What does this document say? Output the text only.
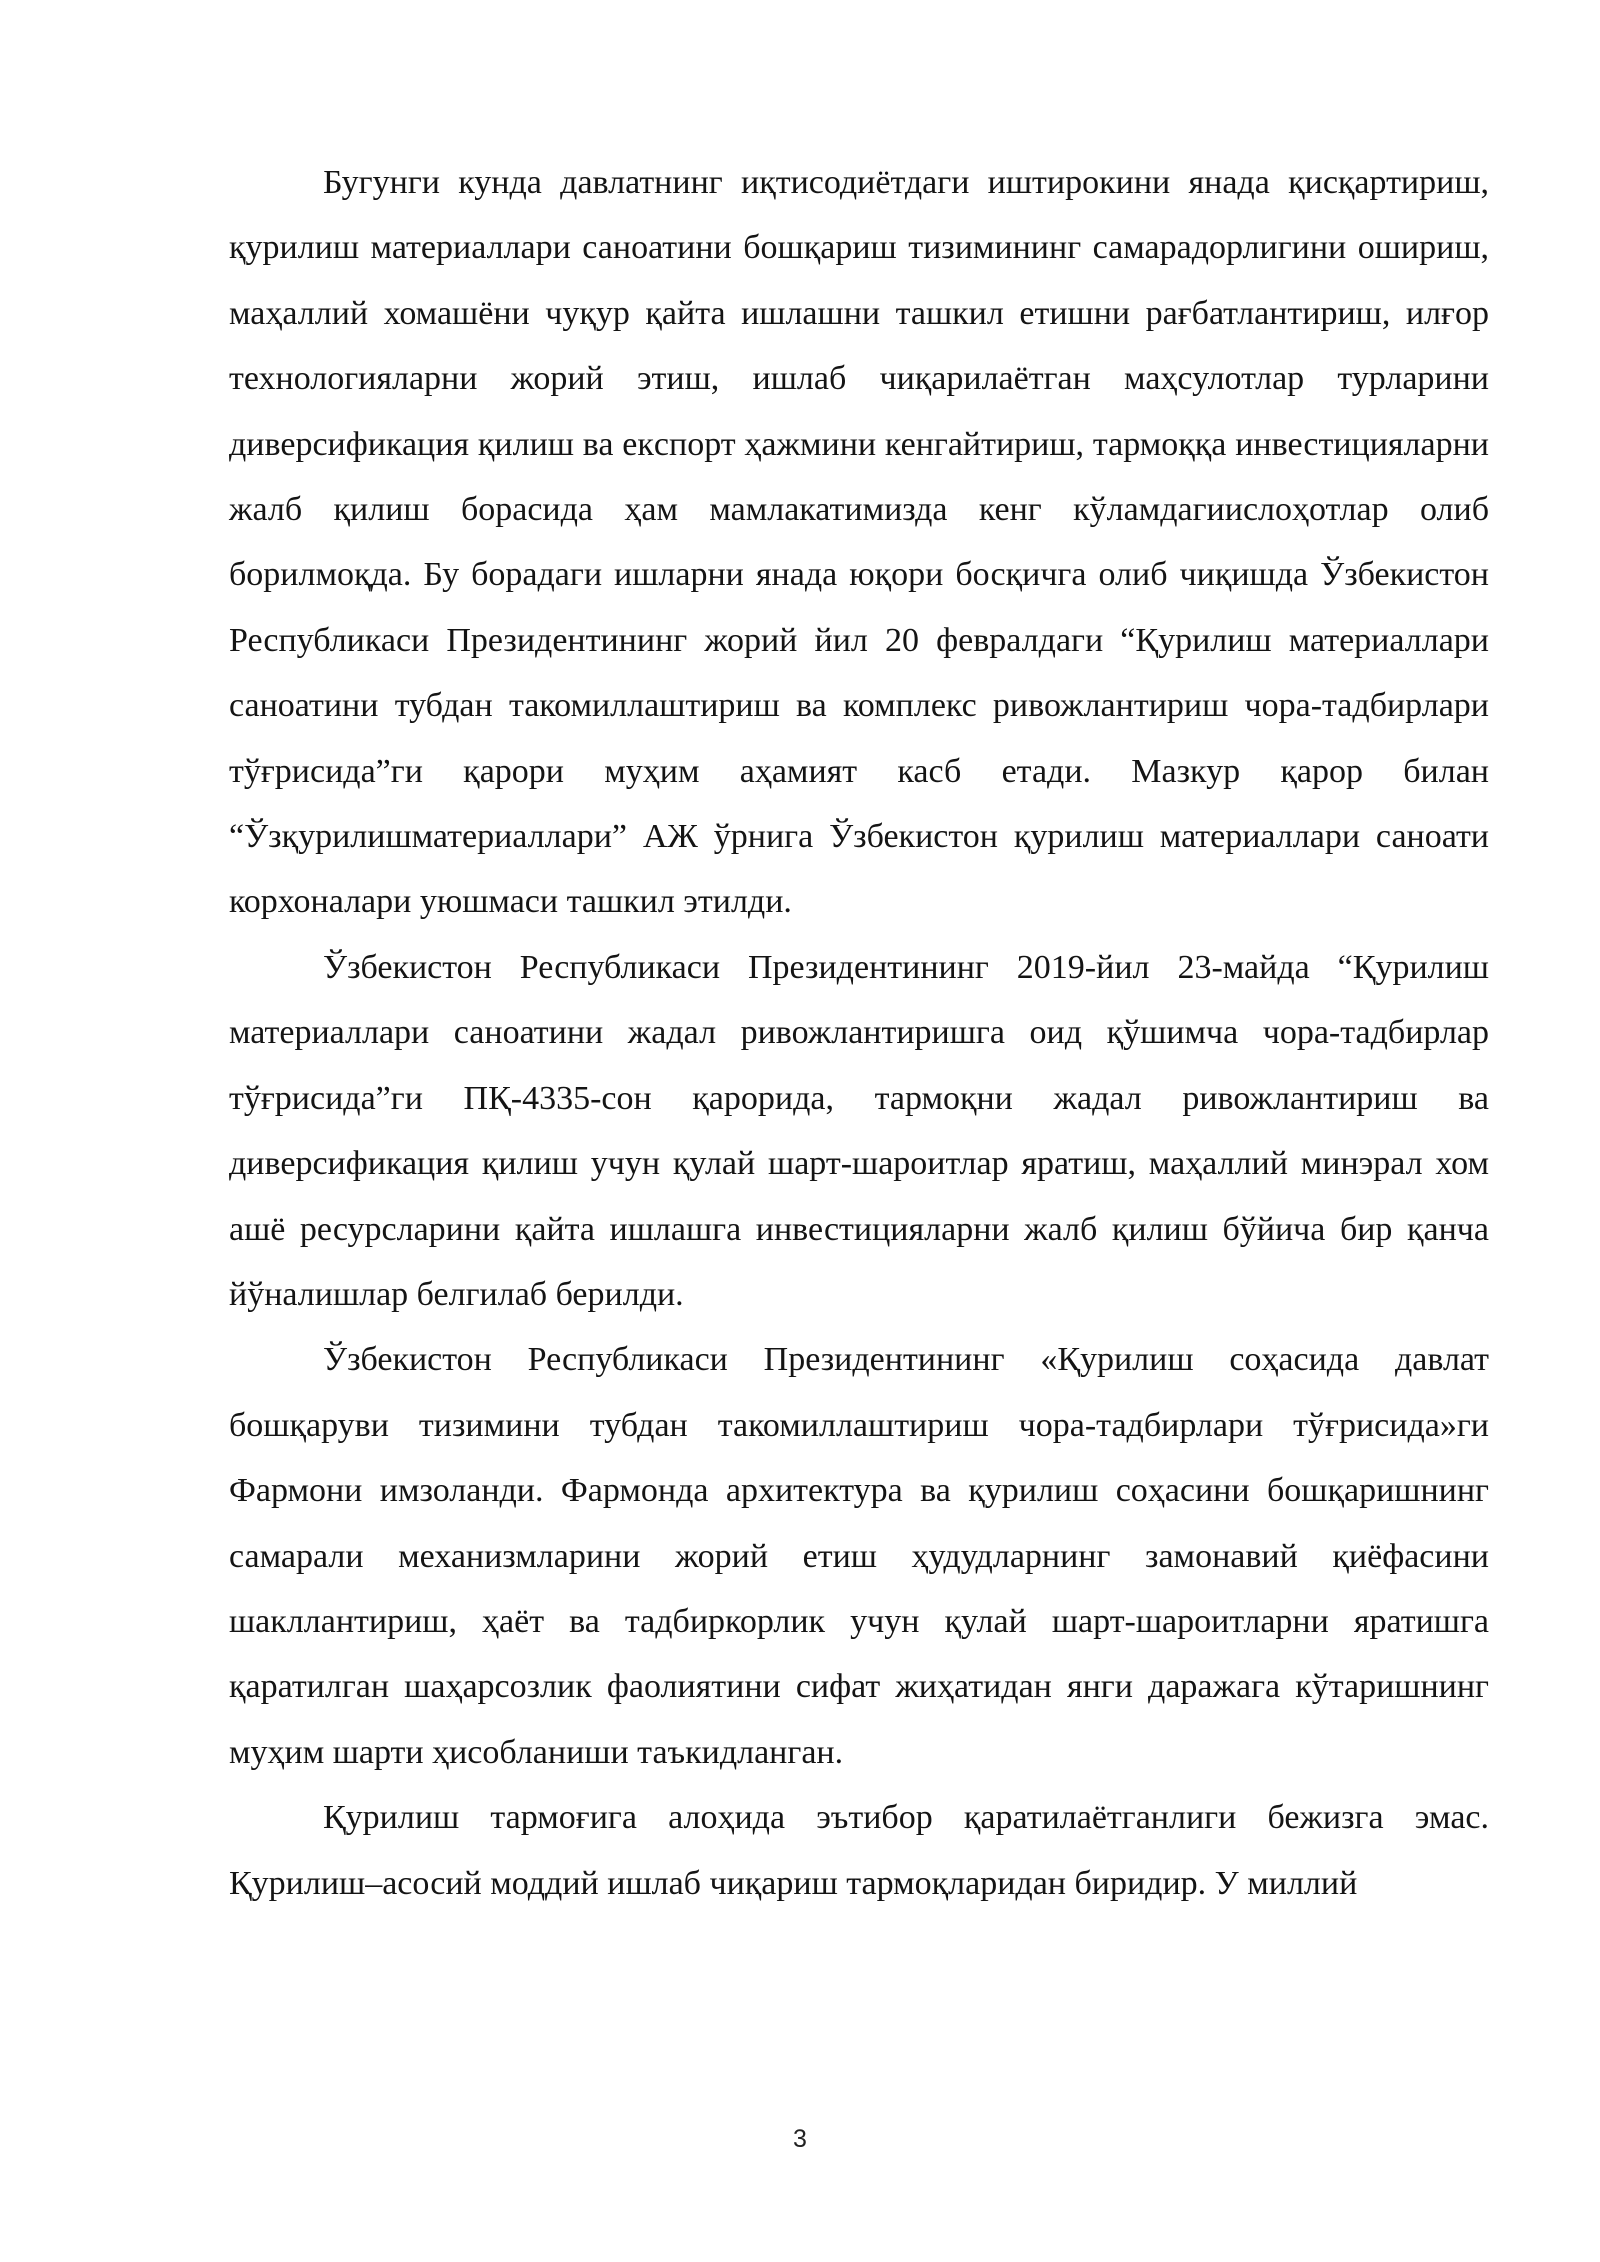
Бугунги кунда давлатнинг иқтисодиётдаги иштирокини янада қисқартириш, қурилиш материаллари саноатини бошқариш тизимининг самарадорлигини ошириш, маҳаллий хомашёни чуқур қайта ишлашни ташкил етишни рағбатлантириш, илғор технологияларни жорий этиш, ишлаб чиқарилаётган маҳсулотлар турларини диверсификация қилиш ва екcпорт ҳажмини кенгайтириш, тармоққа инвестицияларни жалб қилиш борасида ҳам мамлакатимизда кенг кўламдагиислоҳотлар олиб борилмоқда. Бу борадаги ишларни янада юқори босқичга олиб чиқишда Ўзбекистон Республикаси Президентининг жорий йил 20 февралдаги “Қурилиш материаллари саноатини тубдан такомиллаштириш ва комплекс ривожлантириш чора-тадбирлари тўғрисида”ги қарори муҳим аҳамият касб етади. Мазкур қарор билан “Ўзқурилишматериаллари” АЖ ўрнига Ўзбекистон қурилиш материаллари саноати корхоналари уюшмаси ташкил этилди.

Ўзбекистон Республикаси Президентининг 2019-йил 23-майда “Қурилиш материаллари саноатини жадал ривожлантиришга оид қўшимча чора-тадбирлар тўғрисида”ги ПҚ-4335-сон қарорида, тармоқни жадал ривожлантириш ва диверсификация қилиш учун қулай шарт-шароитлар яратиш, маҳаллий минэрал хом ашё ресурсларини қайта ишлашга инвестицияларни жалб қилиш бўйича бир қанча йўналишлар белгилаб берилди.

Ўзбекистон Республикаси Президентининг «Қурилиш соҳасида давлат бошқаруви тизимини тубдан такомиллаштириш чора-тадбирлари тўғрисида»ги Фармони имзоланди. Фармонда архитектура ва қурилиш соҳасини бошқаришнинг самарали механизмларини жорий етиш ҳудудларнинг замонавий қиёфасини шакллантириш, ҳаёт ва тадбиркорлик учун қулай шарт-шароитларни яратишга қаратилган шаҳарсозлик фаолиятини сифат жиҳатидан янги даражага кўтаришнинг муҳим шарти ҳисобланиши таъкидланган.

Қурилиш тармоғига алоҳида эътибор қаратилаётганлиги бежизга эмас. Қурилиш–асосий моддий ишлаб чиқариш тармоқларидан биридир. У миллий

3
